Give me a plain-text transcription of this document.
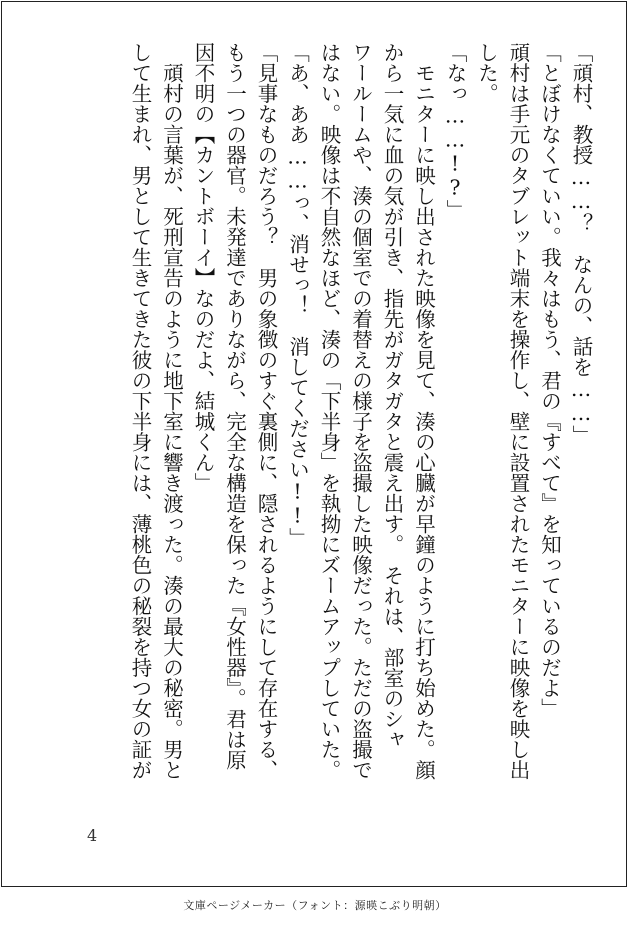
「頑村、教授……？　なんの、話を……」
「とぼけなくていい。我々はもう、君の『すべて』を知っているのだよ」
頑村は手元のタブレット端末を操作し、壁に設置されたモニターに映像を映し出
した。
「なっ……!?」
　モニターに映し出された映像を見て、湊の心臓が早鐘のように打ち始めた。顔
から一気に血の気が引き、指先がガタガタと震え出す。　それは、部室のシャ
ワールームや、湊の個室での着替えの様子を盗撮した映像だった。ただの盗撮で
はない。映像は不自然なほど、湊の「下半身」を執拗にズームアップしていた。
「あ、ああ……っ、消せっ！　消してください!!」
「見事なものだろう？　男の象徴のすぐ裏側に、隠されるようにして存在する、
もう一つの器官。未発達でありながら、完全な構造を保った『女性器』。君は原
因不明の【カントボーイ】なのだよ、結城くん」
　頑村の言葉が、死刑宣告のように地下室に響き渡った。湊の最大の秘密。男と
して生まれ、男として生きてきた彼の下半身には、薄桃色の秘裂を持つ女の証が
4
文庫ページメーカー（フォント：源暎こぶり明朝）
